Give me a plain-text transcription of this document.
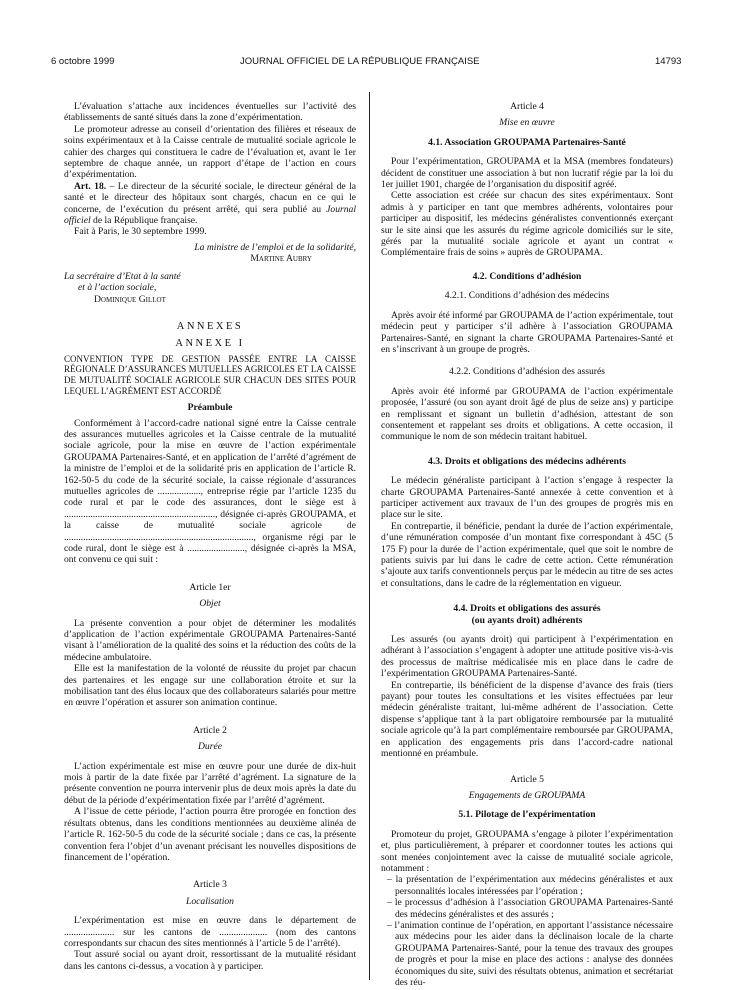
6 octobre 1999	JOURNAL OFFICIEL DE LA RÉPUBLIQUE FRANÇAISE	14793

L’évaluation s’attache aux incidences éventuelles sur l’activité des établissements de santé situés dans la zone d’expérimentation.

Le promoteur adresse au conseil d’orientation des filières et réseaux de soins expérimentaux et à la Caisse centrale de mutualité sociale agricole le cahier des charges qui constituera le cadre de l’évaluation et, avant le 1er septembre de chaque année, un rapport d’étape de l’action en cours d’expérimentation.

Art. 18. – Le directeur de la sécurité sociale, le directeur général de la santé et le directeur des hôpitaux sont chargés, chacun en ce qui le concerne, de l’exécution du présent arrêté, qui sera publié au Journal officiel de la République française.

Fait à Paris, le 30 septembre 1999.

La ministre de l’emploi et de la solidarité,

Martine Aubry

La secrétaire d’Etat à la santé

et à l’action sociale,

Dominique Gillot

ANNEXES

ANNEXE I

CONVENTION TYPE DE GESTION PASSÉE ENTRE LA CAISSE RÉGIONALE D’ASSURANCES MUTUELLES AGRICOLES ET LA CAISSE DE MUTUALITÉ SOCIALE AGRICOLE SUR CHACUN DES SITES POUR LEQUEL L’AGRÉMENT EST ACCORDÉ

Préambule

Conformément à l’accord-cadre national signé entre la Caisse centrale des assurances mutuelles agricoles et la Caisse centrale de la mutualité sociale agricole, pour la mise en œuvre de l’action expérimentale GROUPAMA Partenaires-Santé, et en application de l’arrêté d’agrément de la ministre de l’emploi et de la solidarité pris en application de l’article R. 162-50-5 du code de la sécurité sociale, la caisse régionale d’assurances mutuelles agricoles de .................., entreprise régie par l’article 1235 du code rural et par le code des assurances, dont le siège est à ..............................................................., désignée ci-après GROUPAMA, et la caisse de mutualité sociale agricole de ..............................................................................., organisme régi par le code rural, dont le siège est à ........................, désignée ci-après la MSA, ont convenu ce qui suit :

Article 1er

Objet

La présente convention a pour objet de déterminer les modalités d’application de l’action expérimentale GROUPAMA Partenaires-Santé visant à l’amélioration de la qualité des soins et la réduction des coûts de la médecine ambulatoire.

Elle est la manifestation de la volonté de réussite du projet par chacun des partenaires et les engage sur une collaboration étroite et sur la mobilisation tant des élus locaux que des collaborateurs salariés pour mettre en œuvre l’opération et assurer son animation continue.

Article 2

Durée

L’action expérimentale est mise en œuvre pour une durée de dix-huit mois à partir de la date fixée par l’arrêté d’agrément. La signature de la présente convention ne pourra intervenir plus de deux mois après la date du début de la période d’expérimentation fixée par l’arrêté d’agrément.

A l’issue de cette période, l’action pourra être prorogée en fonction des résultats obtenus, dans les conditions mentionnées au deuxième alinéa de l’article R. 162-50-5 du code de la sécurité sociale ; dans ce cas, la présente convention fera l’objet d’un avenant précisant les nouvelles dispositions de financement de l’opération.

Article 3

Localisation

L’expérimentation est mise en œuvre dans le département de ..................... sur les cantons de .................... (nom des cantons correspondants sur chacun des sites mentionnés à l’article 5 de l’arrêté).

Tout assuré social ou ayant droit, ressortissant de la mutualité résidant dans les cantons ci-dessus, a vocation à y participer.

Article 4

Mise en œuvre

4.1. Association GROUPAMA Partenaires-Santé

Pour l’expérimentation, GROUPAMA et la MSA (membres fondateurs) décident de constituer une association à but non lucratif régie par la loi du 1er juillet 1901, chargée de l’organisation du dispositif agréé.

Cette association est créée sur chacun des sites expérimentaux. Sont admis à y participer en tant que membres adhérents, volontaires pour participer au dispositif, les médecins généralistes conventionnés exerçant sur le site ainsi que les assurés du régime agricole domiciliés sur le site, gérés par la mutualité sociale agricole et ayant un contrat « Complémentaire frais de soins » auprès de GROUPAMA.

4.2. Conditions d’adhésion

4.2.1. Conditions d’adhésion des médecins

Après avoir été informé par GROUPAMA de l’action expérimentale, tout médecin peut y participer s’il adhère à l’association GROUPAMA Partenaires-Santé, en signant la charte GROUPAMA Partenaires-Santé et en s’inscrivant à un groupe de progrès.

4.2.2. Conditions d’adhésion des assurés

Après avoir été informé par GROUPAMA de l’action expérimentale proposée, l’assuré (ou son ayant droit âgé de plus de seize ans) y participe en remplissant et signant un bulletin d’adhésion, attestant de son consentement et rappelant ses droits et obligations. A cette occasion, il communique le nom de son médecin traitant habituel.

4.3. Droits et obligations des médecins adhérents

Le médecin généraliste participant à l’action s’engage à respecter la charte GROUPAMA Partenaires-Santé annexée à cette convention et à participer activement aux travaux de l’un des groupes de progrès mis en place sur le site.

En contrepartie, il bénéficie, pendant la durée de l’action expérimentale, d’une rémunération composée d’un montant fixe correspondant à 45C (5 175 F) pour la durée de l’action expérimentale, quel que soit le nombre de patients suivis par lui dans le cadre de cette action. Cette rémunération s’ajoute aux tarifs conventionnels perçus par le médecin au titre de ses actes et consultations, dans le cadre de la réglementation en vigueur.

4.4. Droits et obligations des assurés

(ou ayants droit) adhérents

Les assurés (ou ayants droit) qui participent à l’expérimentation en adhérant à l’association s’engagent à adopter une attitude positive vis-à-vis des processus de maîtrise médicalisée mis en place dans le cadre de l’expérimentation GROUPAMA Partenaires-Santé.

En contrepartie, ils bénéficient de la dispense d’avance des frais (tiers payant) pour toutes les consultations et les visites effectuées par leur médecin généraliste traitant, lui-même adhérent de l’association. Cette dispense s’applique tant à la part obligatoire remboursée par la mutualité sociale agricole qu’à la part complémentaire remboursée par GROUPAMA, en application des engagements pris dans l’accord-cadre national mentionné en préambule.

Article 5

Engagements de GROUPAMA

5.1. Pilotage de l’expérimentation

Promoteur du projet, GROUPAMA s’engage à piloter l’expérimentation et, plus particulièrement, à préparer et coordonner toutes les actions qui sont menées conjointement avec la caisse de mutualité sociale agricole, notamment :

– la présentation de l’expérimentation aux médecins généralistes et aux personnalités locales intéressées par l’opération ;

– le processus d’adhésion à l’association GROUPAMA Partenaires-Santé des médecins généralistes et des assurés ;

– l’animation continue de l’opération, en apportant l’assistance nécessaire aux médecins pour les aider dans la déclinaison locale de la charte GROUPAMA Partenaires-Santé, pour la tenue des travaux des groupes de progrès et pour la mise en place des actions : analyse des données économiques du site, suivi des résultats obtenus, animation et secrétariat des réu-
